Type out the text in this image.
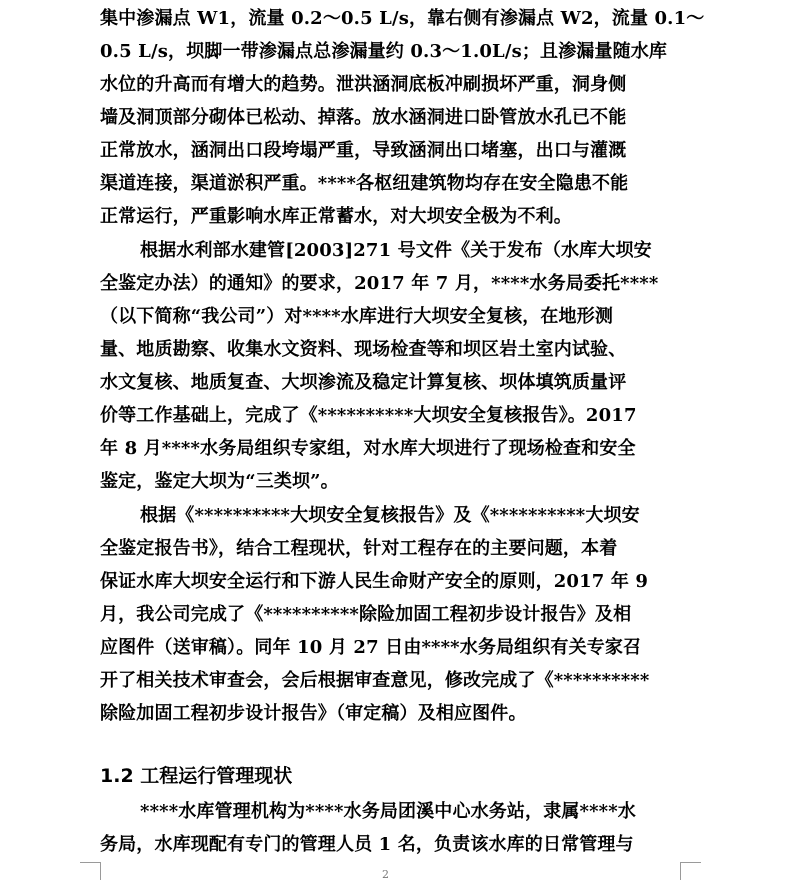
集中渗漏点 W1，流量 0.2～0.5 L/s，靠右侧有渗漏点 W2，流量 0.1～
0.5 L/s，坝脚一带渗漏点总渗漏量约 0.3～1.0L/s；且渗漏量随水库
水位的升高而有增大的趋势。泄洪涵洞底板冲刷损坏严重，洞身侧
墙及洞顶部分砌体已松动、掉落。放水涵洞进口卧管放水孔已不能
正常放水，涵洞出口段垮塌严重，导致涵洞出口堵塞，出口与灌溉
渠道连接，渠道淤积严重。****各枢纽建筑物均存在安全隐患不能
正常运行，严重影响水库正常蓄水，对大坝安全极为不利。
根据水利部水建管[2003]271 号文件《关于发布（水库大坝安
全鉴定办法）的通知》的要求，2017 年 7 月，****水务局委托****
（以下简称“我公司”）对****水库进行大坝安全复核，在地形测
量、地质勘察、收集水文资料、现场检查等和坝区岩土室内试验、
水文复核、地质复查、大坝渗流及稳定计算复核、坝体填筑质量评
价等工作基础上，完成了《**********大坝安全复核报告》。2017
年 8 月****水务局组织专家组，对水库大坝进行了现场检查和安全
鉴定，鉴定大坝为“三类坝”。
根据《**********大坝安全复核报告》及《**********大坝安
全鉴定报告书》，结合工程现状，针对工程存在的主要问题，本着
保证水库大坝安全运行和下游人民生命财产安全的原则，2017 年 9
月，我公司完成了《**********除险加固工程初步设计报告》及相
应图件（送审稿）。同年 10 月 27 日由****水务局组织有关专家召
开了相关技术审查会，会后根据审查意见，修改完成了《**********
除险加固工程初步设计报告》（审定稿）及相应图件。
1.2 工程运行管理现状
****水库管理机构为****水务局团溪中心水务站，隶属****水
务局，水库现配有专门的管理人员 1 名，负责该水库的日常管理与
2
